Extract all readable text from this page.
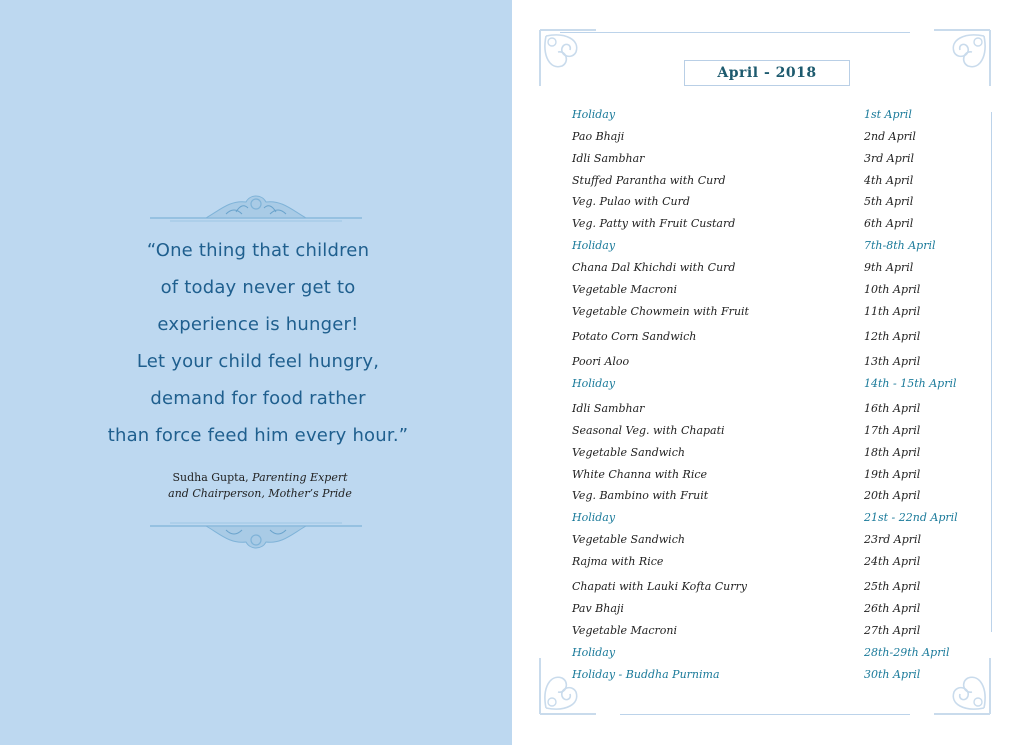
“One thing that children
of today never get to
experience is hunger!
Let your child feel hungry,
demand for food rather
than force feed him every hour.”
Sudha Gupta, Parenting Expert
and Chairperson, Mother’s Pride
April - 2018
Holiday	1st April
Pao Bhaji	2nd April
Idli Sambhar	3rd April
Stuffed Parantha with Curd	4th April
Veg. Pulao with Curd	5th April
Veg. Patty with Fruit Custard	6th April
Holiday	7th-8th April
Chana Dal Khichdi with Curd	9th April
Vegetable Macroni	10th April
Vegetable Chowmein with Fruit	11th April
Potato Corn Sandwich	12th April
Poori Aloo	13th April
Holiday	14th - 15th April
Idli Sambhar	16th April
Seasonal Veg. with Chapati	17th April
Vegetable Sandwich	18th April
White Channa with Rice	19th April
Veg. Bambino with Fruit	20th April
Holiday	21st - 22nd April
Vegetable Sandwich	23rd April
Rajma with Rice	24th April
Chapati with Lauki Kofta Curry	25th April
Pav Bhaji	26th April
Vegetable Macroni	27th April
Holiday	28th-29th April
Holiday - Buddha Purnima	30th April
